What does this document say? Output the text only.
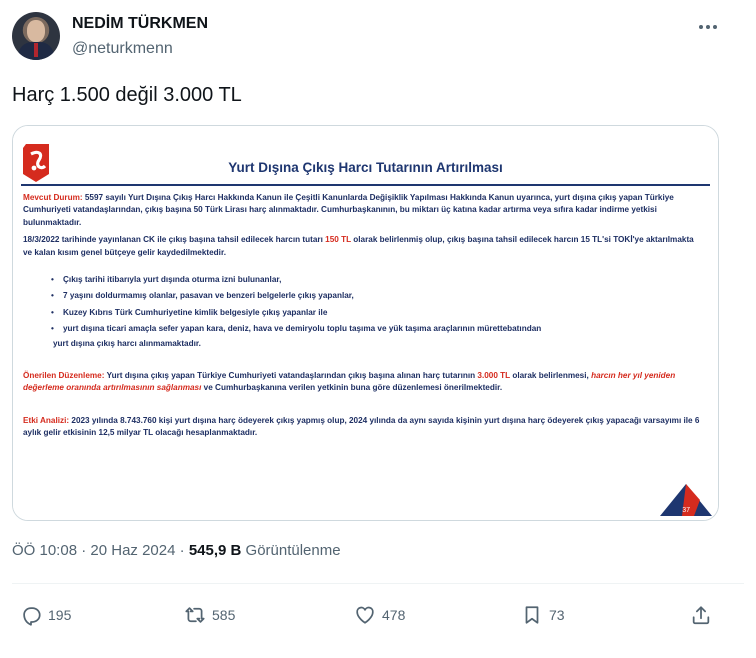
NEDİM TÜRKMEN
@neturkmenn
Harç 1.500 değil 3.000 TL
Yurt Dışına Çıkış Harcı Tutarının Artırılması

Mevcut Durum: 5597 sayılı Yurt Dışına Çıkış Harcı Hakkında Kanun ile Çeşitli Kanunlarda Değişiklik Yapılması Hakkında Kanun uyarınca, yurt dışına çıkış yapan Türkiye Cumhuriyeti vatandaşlarından, çıkış başına 50 Türk Lirası harç alınmaktadır. Cumhurbaşkanının, bu miktarı üç katına kadar artırma veya sıfıra kadar indirme yetkisi bulunmaktadır.

18/3/2022 tarihinde yayınlanan CK ile çıkış başına tahsil edilecek harcın tutarı 150 TL olarak belirlenmiş olup, çıkış başına tahsil edilecek harcın 15 TL'si TOKİ'ye aktarılmakta ve kalan kısım genel bütçeye gelir kaydedilmektedir.

• Çıkış tarihi itibarıyla yurt dışında oturma izni bulunanlar,
• 7 yaşını doldurmamış olanlar, pasavan ve benzeri belgelerle çıkış yapanlar,
• Kuzey Kıbrıs Türk Cumhuriyetine kimlik belgesiyle çıkış yapanlar ile
• yurt dışına ticari amaçla sefer yapan kara, deniz, hava ve demiryolu toplu taşıma ve yük taşıma araçlarının mürettebatından

yurt dışına çıkış harcı alınmamaktadır.

Önerilen Düzenleme: Yurt dışına çıkış yapan Türkiye Cumhuriyeti vatandaşlarından çıkış başına alınan harç tutarının 3.000 TL olarak belirlenmesi, harcın her yıl yeniden değerleme oranında artırılmasının sağlanması ve Cumhurbaşkanına verilen yetkinin buna göre düzenlemesi önerilmektedir.

Etki Analizi: 2023 yılında 8.743.760 kişi yurt dışına harç ödeyerek çıkış yapmış olup, 2024 yılında da aynı sayıda kişinin yurt dışına harç ödeyerek çıkış yapacağı varsayımı ile 6 aylık gelir etkisinin 12,5 milyar TL olacağı hesaplanmaktadır.

37
ÖÖ 10:08 · 20 Haz 2024 · 545,9 B Görüntülenme
195	585	478	73
